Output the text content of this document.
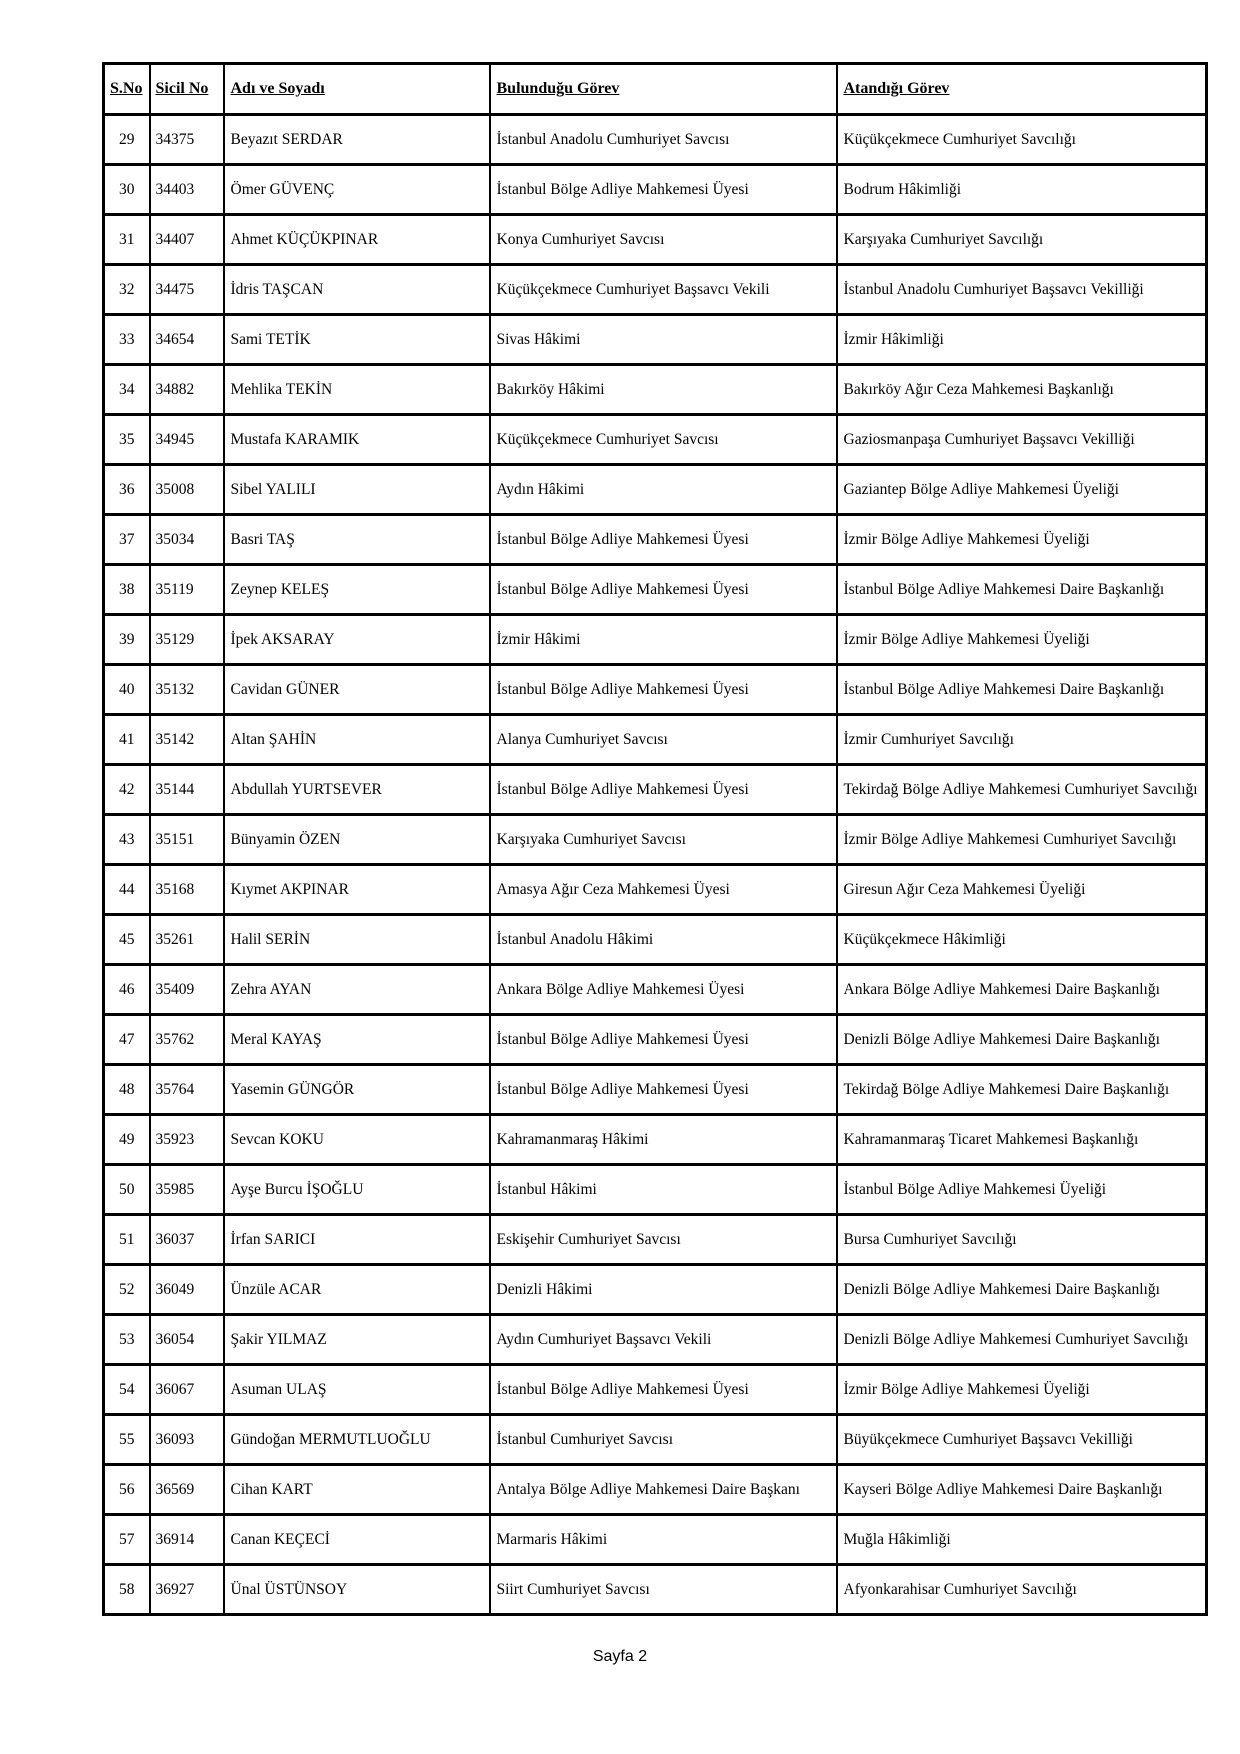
S.No	Sicil No	Adı ve Soyadı	Bulunduğu Görev	Atandığı Görev
29	34375	Beyazıt SERDAR	İstanbul Anadolu Cumhuriyet Savcısı	Küçükçekmece Cumhuriyet Savcılığı
30	34403	Ömer GÜVENÇ	İstanbul Bölge Adliye Mahkemesi Üyesi	Bodrum Hâkimliği
31	34407	Ahmet KÜÇÜKPINAR	Konya Cumhuriyet Savcısı	Karşıyaka Cumhuriyet Savcılığı
32	34475	İdris TAŞCAN	Küçükçekmece Cumhuriyet Başsavcı Vekili	İstanbul Anadolu Cumhuriyet Başsavcı Vekilliği
33	34654	Sami TETİK	Sivas Hâkimi	İzmir Hâkimliği
34	34882	Mehlika TEKİN	Bakırköy Hâkimi	Bakırköy Ağır Ceza Mahkemesi Başkanlığı
35	34945	Mustafa KARAMIK	Küçükçekmece Cumhuriyet Savcısı	Gaziosmanpaşa Cumhuriyet Başsavcı Vekilliği
36	35008	Sibel YALILI	Aydın Hâkimi	Gaziantep Bölge Adliye Mahkemesi Üyeliği
37	35034	Basri TAŞ	İstanbul Bölge Adliye Mahkemesi Üyesi	İzmir Bölge Adliye Mahkemesi Üyeliği
38	35119	Zeynep KELEŞ	İstanbul Bölge Adliye Mahkemesi Üyesi	İstanbul Bölge Adliye Mahkemesi Daire Başkanlığı
39	35129	İpek AKSARAY	İzmir Hâkimi	İzmir Bölge Adliye Mahkemesi Üyeliği
40	35132	Cavidan GÜNER	İstanbul Bölge Adliye Mahkemesi Üyesi	İstanbul Bölge Adliye Mahkemesi Daire Başkanlığı
41	35142	Altan ŞAHİN	Alanya Cumhuriyet Savcısı	İzmir Cumhuriyet Savcılığı
42	35144	Abdullah YURTSEVER	İstanbul Bölge Adliye Mahkemesi Üyesi	Tekirdağ Bölge Adliye Mahkemesi Cumhuriyet Savcılığı
43	35151	Bünyamin ÖZEN	Karşıyaka Cumhuriyet Savcısı	İzmir Bölge Adliye Mahkemesi Cumhuriyet Savcılığı
44	35168	Kıymet AKPINAR	Amasya Ağır Ceza Mahkemesi Üyesi	Giresun Ağır Ceza Mahkemesi Üyeliği
45	35261	Halil SERİN	İstanbul Anadolu Hâkimi	Küçükçekmece Hâkimliği
46	35409	Zehra AYAN	Ankara Bölge Adliye Mahkemesi Üyesi	Ankara Bölge Adliye Mahkemesi Daire Başkanlığı
47	35762	Meral KAYAŞ	İstanbul Bölge Adliye Mahkemesi Üyesi	Denizli Bölge Adliye Mahkemesi Daire Başkanlığı
48	35764	Yasemin GÜNGÖR	İstanbul Bölge Adliye Mahkemesi Üyesi	Tekirdağ Bölge Adliye Mahkemesi Daire Başkanlığı
49	35923	Sevcan KOKU	Kahramanmaraş Hâkimi	Kahramanmaraş Ticaret Mahkemesi Başkanlığı
50	35985	Ayşe Burcu İŞOĞLU	İstanbul Hâkimi	İstanbul Bölge Adliye Mahkemesi Üyeliği
51	36037	İrfan SARICI	Eskişehir Cumhuriyet Savcısı	Bursa Cumhuriyet Savcılığı
52	36049	Ünzüle ACAR	Denizli Hâkimi	Denizli Bölge Adliye Mahkemesi Daire Başkanlığı
53	36054	Şakir YILMAZ	Aydın Cumhuriyet Başsavcı Vekili	Denizli Bölge Adliye Mahkemesi Cumhuriyet Savcılığı
54	36067	Asuman ULAŞ	İstanbul Bölge Adliye Mahkemesi Üyesi	İzmir Bölge Adliye Mahkemesi Üyeliği
55	36093	Gündoğan MERMUTLUOĞLU	İstanbul Cumhuriyet Savcısı	Büyükçekmece Cumhuriyet Başsavcı Vekilliği
56	36569	Cihan KART	Antalya Bölge Adliye Mahkemesi Daire Başkanı	Kayseri Bölge Adliye Mahkemesi Daire Başkanlığı
57	36914	Canan KEÇECİ	Marmaris Hâkimi	Muğla Hâkimliği
58	36927	Ünal ÜSTÜNSOY	Siirt Cumhuriyet Savcısı	Afyonkarahisar Cumhuriyet Savcılığı
Sayfa 2
